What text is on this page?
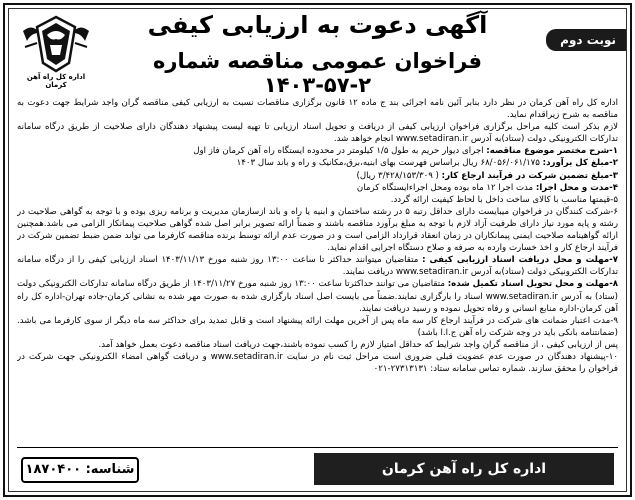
اداره کل راه آهن کرمان
آگهی دعوت به ارزیابی کیفی
فراخوان عمومی مناقصه شماره ۲-۵۷-۱۴۰۳
نوبت دوم

اداره کل راه آهن کرمان در نظر دارد بنابر آئین نامه اجرائی بند ج ماده ۱۲ قانون برگزاری مناقصات نسبت به ارزیابی کیفی مناقصه گران واجد شرایط جهت دعوت به مناقصه به شرح زیراقدام نماید.

لازم بذکر است کلیه مراحل برگزاری فراخوان ارزیابی کیفی از دریافت و تحویل اسناد ارزیابی تا تهیه لیست پیشنهاد دهندگان دارای صلاحیت از طریق درگاه سامانه تدارکات الکترونیکی دولت (ستاد)به آدرس www.setadiran.ir انجام خواهد شد.

۱-شرح مختصر موضوع مناقصه: اجرای دیوار حریم به طول ۱/۵ کیلومتر در محدوده ایستگاه راه آهن کرمان فاز اول

۲-مبلغ کل برآورد: ۶۸/۰۵۶/۰۶۱/۱۷۵ ریال براساس فهرست بهای ابنیه،برق،مکانیک و راه و باند سال ۱۴۰۳

۳-مبلغ تضمین شرکت در فرآیند ارجاع کار: ( ۳/۴۲۸/۱۵۳/۳۰۹ ریال)

۴-مدت و محل اجرا: مدت اجرا ۱۲ ماه بوده ومحل اجراءایستگاه کرمان

۵-قیمتها مناسب با کالای ساخت داخل با لحاظ کیفیت ارائه گردد.

۶-شرکت کنندگان در فراخوان میبایست دارای حداقل رتبه ۵ در رشته ساختمان و ابنیه یا راه و باند ازسازمان مدیریت و برنامه ریزی بوده و با توجه به گواهی صلاحیت در رشته و پایه مورد نیاز دارای ظرفیت آزاد لازم با توجه به مبلغ برآورد مناقصه باشند و ضمناً ارائه تصویر برابر اصل شده گواهی صلاحیت پیمانکار الزامی می باشد.همچنین ارائه گواهینامه صلاحیت ایمنی پیمانکاران در زمان انعقاد قرارداد الزامی است و در صورت عدم ارائه توسط برنده مناقصه کارفرما می تواند ضمن ضبط تضمین شرکت در فرآیند ارجاع کار و اخذ خسارت وارده به صرفه و صلاح دستگاه اجرایی اقدام نماید.

۷-مهلت و محل دریافت اسناد ارزیابی کیفی : متقاضیان میتوانند حداکثر تا ساعت ۱۳:۰۰ روز شنبه مورخ ۱۴۰۳/۱۱/۱۳ اسناد ارزیابی کیفی را از درگاه سامانه تدارکات الکترونیکی دولت (ستاد)به آدرس www.setadiran.ir دریافت نمایند.

۸-مهلت و محل تحویل اسناد تکمیل شده: متقاضیان می توانند حداکثرتا ساعت ۱۳:۰۰ روز شنبه مورخ ۱۴۰۳/۱۱/۲۷ از طریق درگاه سامانه تدارکات الکترونیکی دولت (ستاد) به آدرس www.setadiran.ir اسناد را بارگزاری نمایند.ضمناً می بایست اصل اسناد بارگزاری شده به صورت مهر شده به نشانی کرمان-جاده تهران-اداره کل راه آهن کرمان-اداره منابع انسانی و رفاه تحویل نموده و رسید دریافت نمایند.

۹-مدت اعتبار ضمانت های شرکت در فرآیند ارجاع کار سه ماه پس از آخرین مهلت ارائه پیشنهاد است و قابل تمدید برای حداکثر سه ماه دیگر از سوی کارفرما می باشد.(ضمانتنامه بانکی باید در وجه شرکت راه آهن ج.ا.ا باشد)

پس از ارزیابی کیفی ، از مناقصه گران واجد شرایط که حداقل امتیاز لازم را کسب نموده باشند،جهت دریافت اسناد مناقصه دعوت بعمل خواهد آمد.

۱۰-پیشنهاد دهندگان در صورت عدم عضویت قبلی ضروری است مراحل ثبت نام در سایت www.setadiran.ir و دریافت گواهی امضاء الکترونیکی جهت شرکت در فراخوان را محقق سازند. شماره تماس سامانه ستاد: ۲۷۳۱۳۱۳۱-۰۲۱

اداره کل راه آهن کرمان
شناسه: ۱۸۷۰۴۰۰
